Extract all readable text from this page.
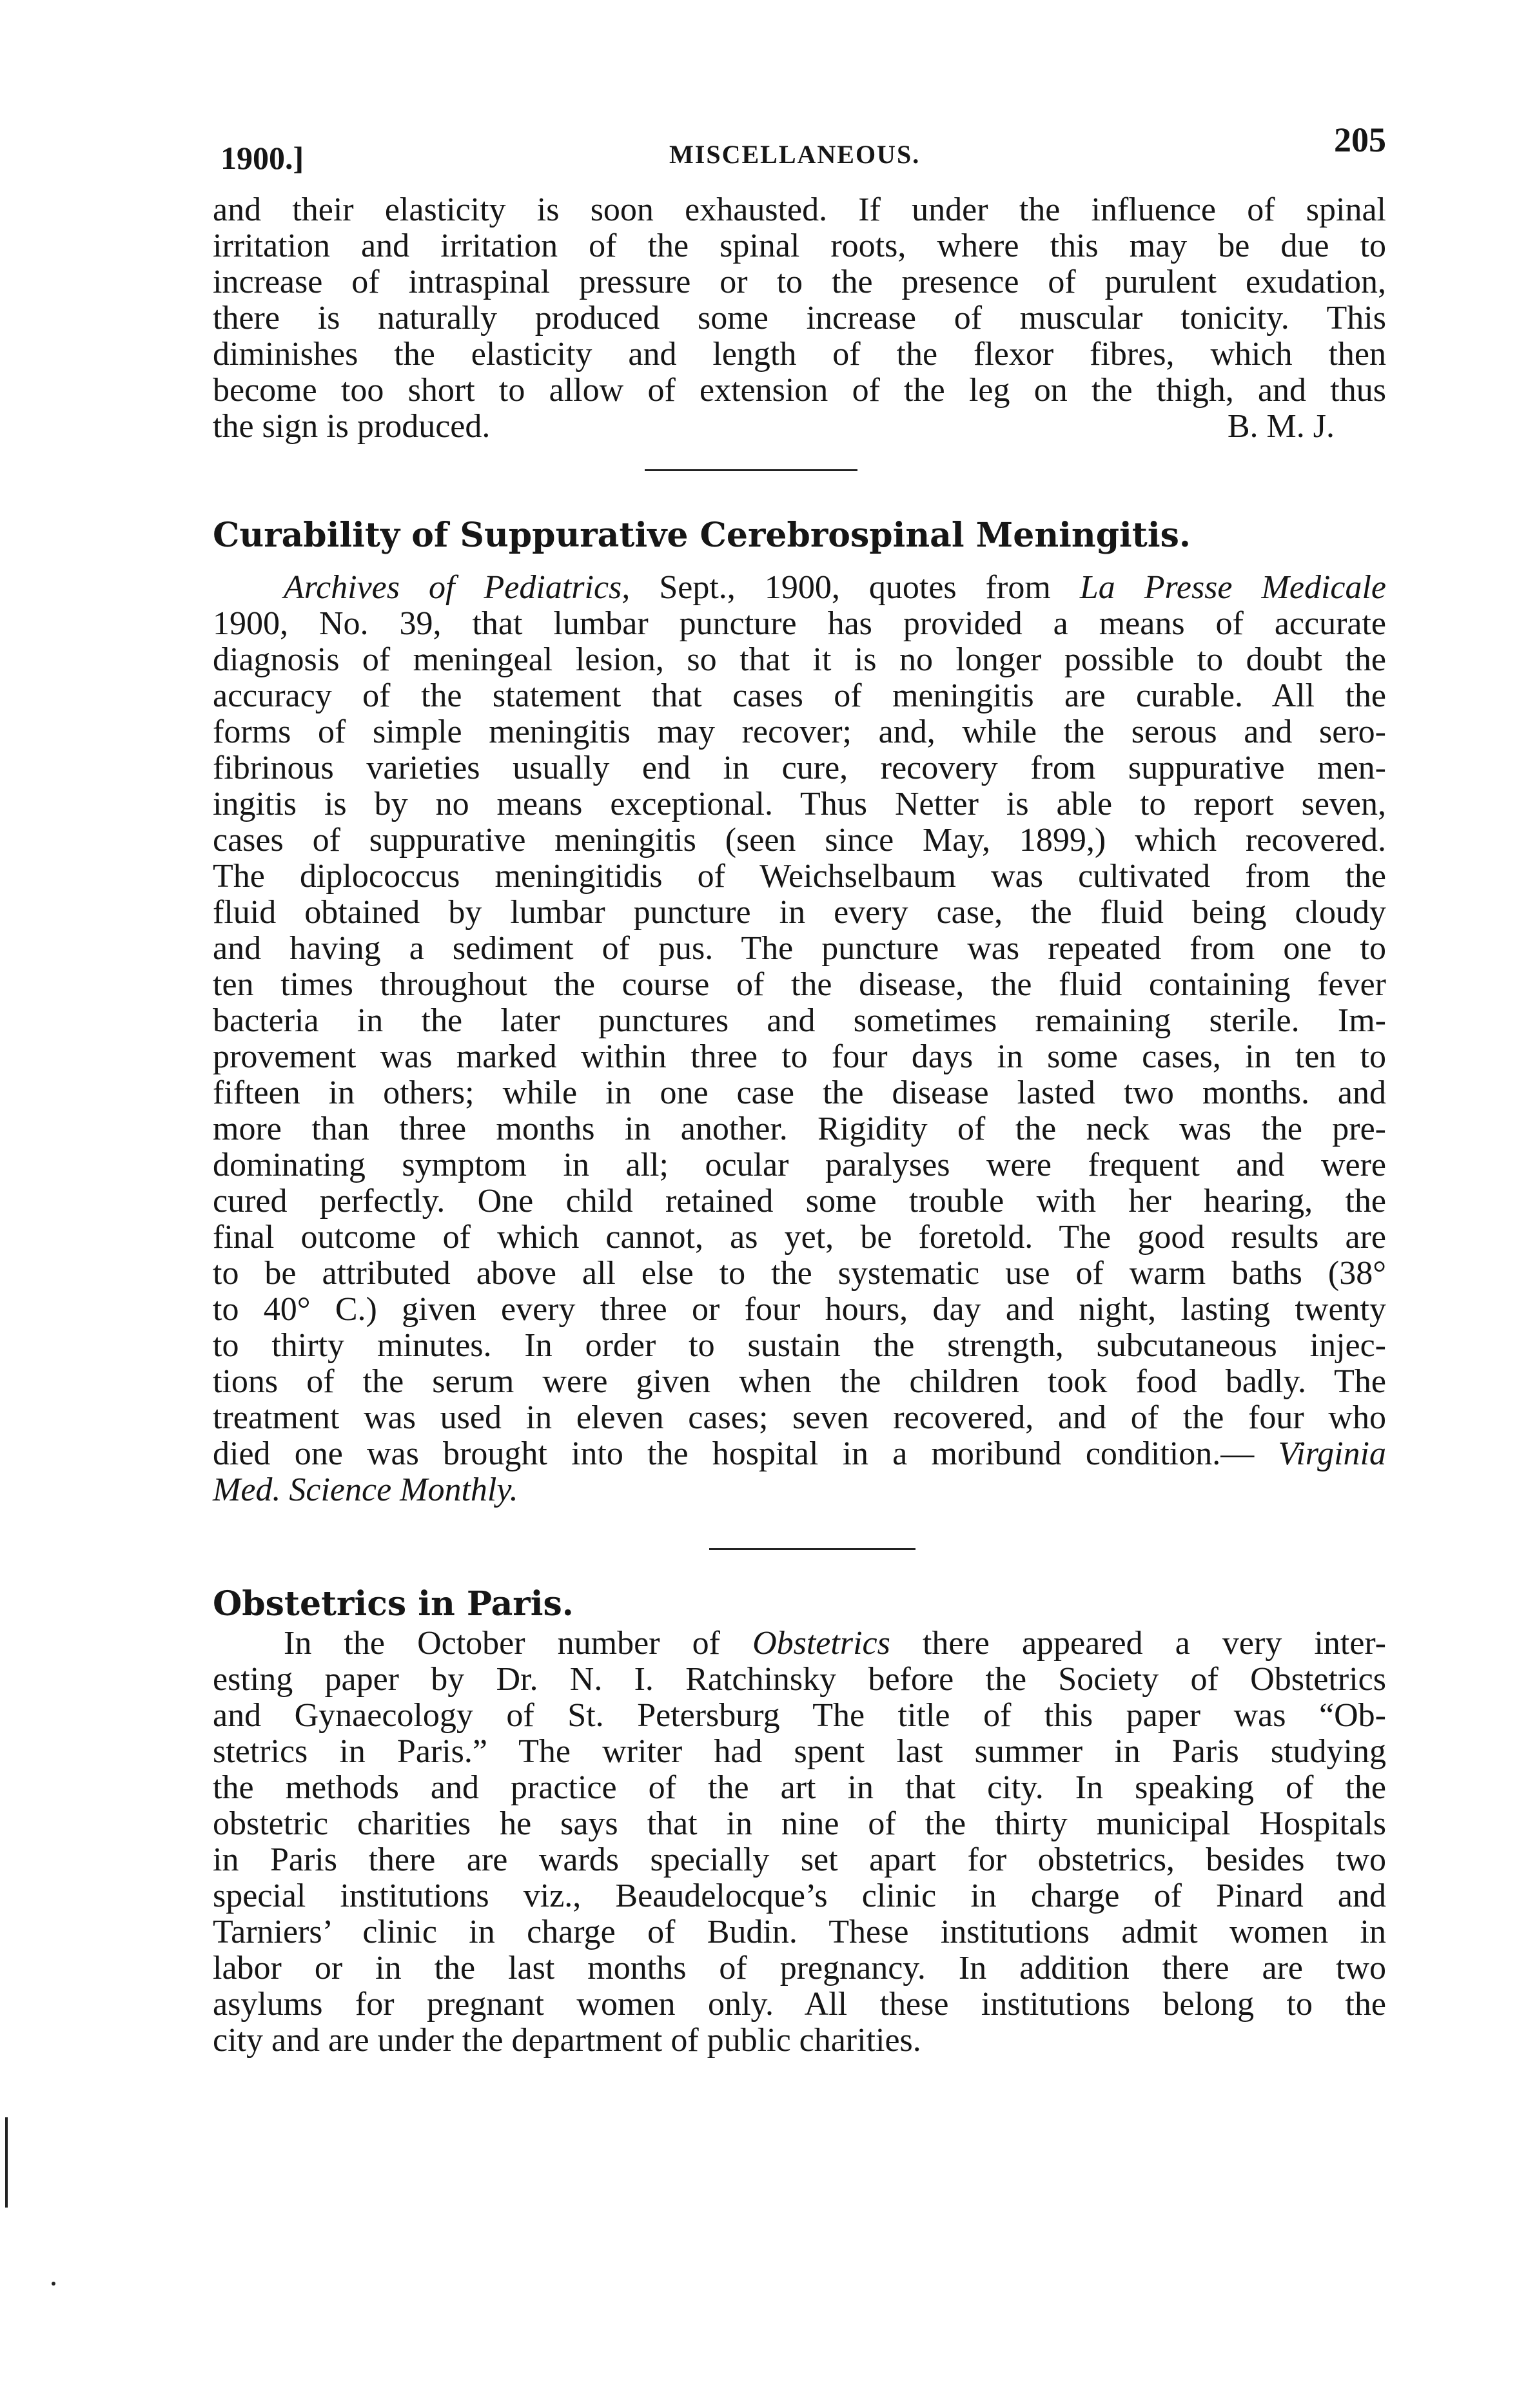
1900.]	MISCELLANEOUS.	205
and their elasticity is soon exhausted. If under the influence of spinal
irritation and irritation of the spinal roots, where this may be due to
increase of intraspinal pressure or to the presence of purulent exudation,
there is naturally produced some increase of muscular tonicity. This
diminishes the elasticity and length of the flexor fibres, which then
become too short to allow of extension of the leg on the thigh, and thus
the sign is produced.	B. M. J.
Curability of Suppurative Cerebrospinal Meningitis.
Archives of Pediatrics, Sept., 1900, quotes from La Presse Medicale
1900, No. 39, that lumbar puncture has provided a means of accurate
diagnosis of meningeal lesion, so that it is no longer possible to doubt the
accuracy of the statement that cases of meningitis are curable. All the
forms of simple meningitis may recover; and, while the serous and sero-
fibrinous varieties usually end in cure, recovery from suppurative men-
ingitis is by no means exceptional. Thus Netter is able to report seven,
cases of suppurative meningitis (seen since May, 1899,) which recovered.
The diplococcus meningitidis of Weichselbaum was cultivated from the
fluid obtained by lumbar puncture in every case, the fluid being cloudy
and having a sediment of pus. The puncture was repeated from one to
ten times throughout the course of the disease, the fluid containing fever
bacteria in the later punctures and sometimes remaining sterile. Im-
provement was marked within three to four days in some cases, in ten to
fifteen in others; while in one case the disease lasted two months. and
more than three months in another. Rigidity of the neck was the pre-
dominating symptom in all; ocular paralyses were frequent and were
cured perfectly. One child retained some trouble with her hearing, the
final outcome of which cannot, as yet, be foretold. The good results are
to be attributed above all else to the systematic use of warm baths (38°
to 40° C.) given every three or four hours, day and night, lasting twenty
to thirty minutes. In order to sustain the strength, subcutaneous injec-
tions of the serum were given when the children took food badly. The
treatment was used in eleven cases; seven recovered, and of the four who
died one was brought into the hospital in a moribund condition.— Virginia
Med. Science Monthly.
Obstetrics in Paris.
In the October number of Obstetrics there appeared a very inter-
esting paper by Dr. N. I. Ratchinsky before the Society of Obstetrics
and Gynaecology of St. Petersburg The title of this paper was “Ob-
stetrics in Paris.” The writer had spent last summer in Paris studying
the methods and practice of the art in that city. In speaking of the
obstetric charities he says that in nine of the thirty municipal Hospitals
in Paris there are wards specially set apart for obstetrics, besides two
special institutions viz., Beaudelocque’s clinic in charge of Pinard and
Tarniers’ clinic in charge of Budin. These institutions admit women in
labor or in the last months of pregnancy. In addition there are two
asylums for pregnant women only. All these institutions belong to the
city and are under the department of public charities.
